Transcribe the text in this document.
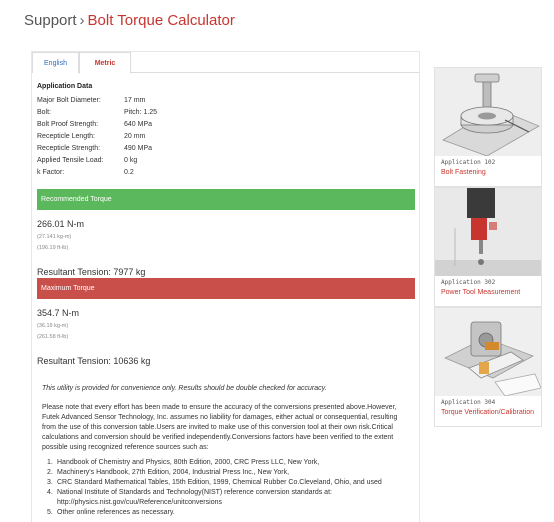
Support › Bolt Torque Calculator
English	Metric
Application Data
Major Bolt Diameter:	17 mm
Bolt:	Pitch: 1.25
Bolt Proof Strength:	640 MPa
Recepticle Length:	20 mm
Recepticle Strength:	490 MPa
Applied Tensile Load:	0 kg
k Factor:	0.2
Recommended Torque
266.01 N-m
(27.141 kg-m)
(196.19 ft-lb)
Resultant Tension: 7977 kg
Maximum Torque
354.7 N-m
(36.19 kg-m)
(261.58 ft-lb)
Resultant Tension: 10636 kg
This utility is provided for convenience only. Results should be double checked for accuracy.
Please note that every effort has been made to ensure the accuracy of the conversions presented above.However, Futek Advanced Sensor Technology, Inc. assumes no liability for damages, either actual or consequential, resulting from the use of this conversion table.Users are invited to make use of this conversion tool at their own risk.Critical calculations and conversion should be verified independently.Conversions factors have been verified to the extent possible using recognized reference sources such as:
1. Handbook of Chemistry and Physics, 80th Edition, 2000, CRC Press LLC, New York,
2. Machinery's Handbook, 27th Edition, 2004, Industrial Press Inc., New York,
3. CRC Standard Mathematical Tables, 15th Edition, 1999, Chemical Rubber Co.Cleveland, Ohio, and used
4. National Institute of Standards and Technology(NIST) reference conversion standards at:
http://physics.nist.gov/cuu/Reference/unitconversions
5. Other online references as necessary.
Application 102
Bolt Fastening
Application 302
Power Tool Measurement
Application 304
Torque Verification/Calibration
